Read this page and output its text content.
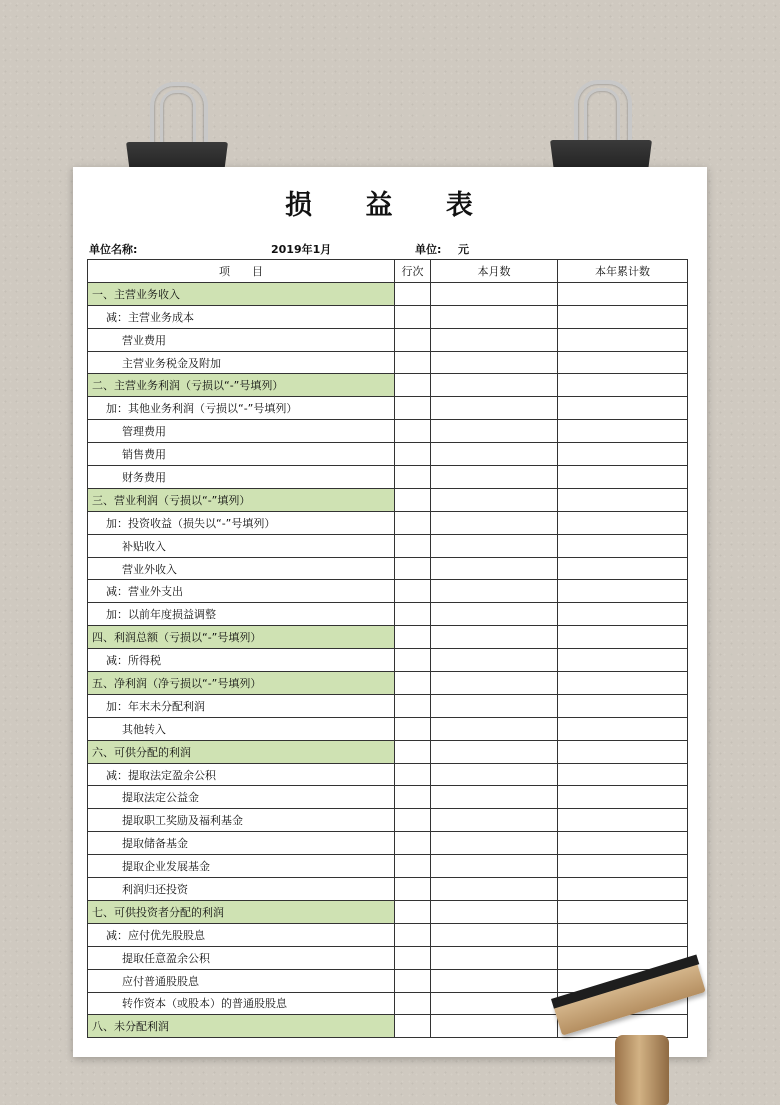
损 益 表
单位名称:	2019年1月	单位: 元
项　　目	行次	本月数	本年累计数
一、主营业务收入			
减：主营业务成本			
营业费用			
主营业务税金及附加			
二、主营业务利润（亏损以“-”号填列）			
加：其他业务利润（亏损以“-”号填列）			
管理费用			
销售费用			
财务费用			
三、营业利润（亏损以“-”填列）			
加：投资收益（损失以“-”号填列）			
补贴收入			
营业外收入			
减：营业外支出			
加：以前年度损益调整			
四、利润总额（亏损以“-”号填列）			
减：所得税			
五、净利润（净亏损以“-”号填列）			
加：年末未分配利润			
其他转入			
六、可供分配的利润			
减：提取法定盈余公积			
提取法定公益金			
提取职工奖励及福利基金			
提取储备基金			
提取企业发展基金			
利润归还投资			
七、可供投资者分配的利润			
减：应付优先股股息			
提取任意盈余公积			
应付普通股股息			
转作资本（或股本）的普通股股息			
八、未分配利润			
